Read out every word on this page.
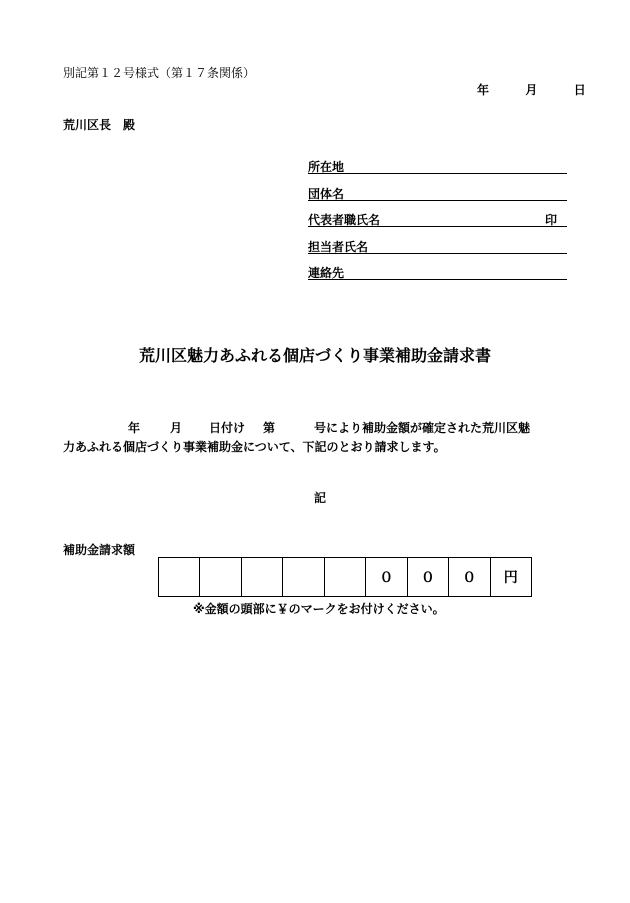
別記第１２号様式（第１７条関係）
年	月	日
荒川区長　殿
所在地
団体名
代表者職氏名	印
担当者氏名
連絡先
荒川区魅力あふれる個店づくり事業補助金請求書
年 月 日付け 第	号により補助金額が確定された荒川区魅
力あふれる個店づくり事業補助金について、下記のとおり請求します。
記
補助金請求額
０	０	０	円
※金額の頭部に￥のマークをお付けください。
